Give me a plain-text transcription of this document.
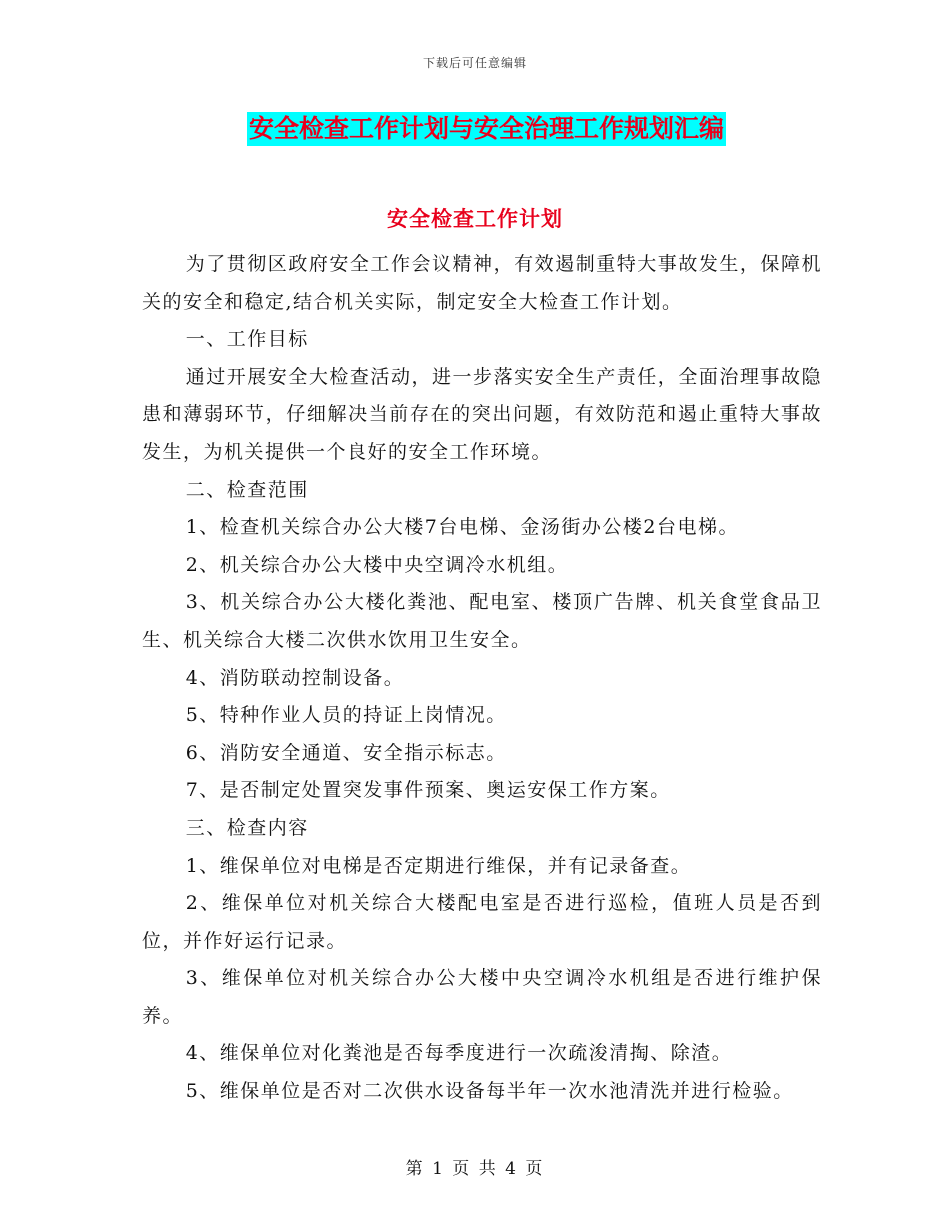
下载后可任意编辑
安全检查工作计划与安全治理工作规划汇编
安全检查工作计划

为了贯彻区政府安全工作会议精神，有效遏制重特大事故发生，保障机关的安全和稳定,结合机关实际，制定安全大检查工作计划。

一、工作目标

通过开展安全大检查活动，进一步落实安全生产责任，全面治理事故隐患和薄弱环节，仔细解决当前存在的突出问题，有效防范和遏止重特大事故发生，为机关提供一个良好的安全工作环境。

二、检查范围

1、检查机关综合办公大楼7台电梯、金汤街办公楼2台电梯。

2、机关综合办公大楼中央空调冷水机组。

3、机关综合办公大楼化粪池、配电室、楼顶广告牌、机关食堂食品卫生、机关综合大楼二次供水饮用卫生安全。

4、消防联动控制设备。

5、特种作业人员的持证上岗情况。

6、消防安全通道、安全指示标志。

7、是否制定处置突发事件预案、奥运安保工作方案。

三、检查内容

1、维保单位对电梯是否定期进行维保，并有记录备查。

2、维保单位对机关综合大楼配电室是否进行巡检，值班人员是否到位，并作好运行记录。

3、维保单位对机关综合办公大楼中央空调冷水机组是否进行维护保养。

4、维保单位对化粪池是否每季度进行一次疏浚清掏、除渣。

5、维保单位是否对二次供水设备每半年一次水池清洗并进行检验。

第 1 页 共 4 页
